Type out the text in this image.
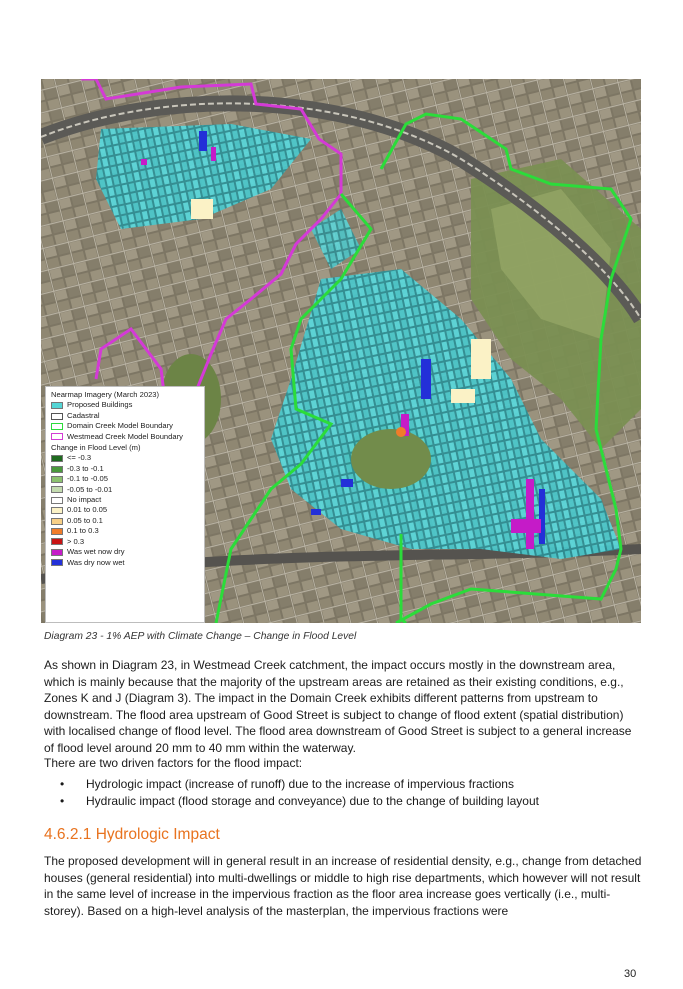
Nearmap Imagery (March 2023)
Proposed Buildings
Cadastral
Domain Creek Model Boundary
Westmead Creek Model Boundary
Change in Flood Level (m)
<= -0.3
-0.3 to -0.1
-0.1 to -0.05
-0.05 to -0.01
No impact
0.01 to 0.05
0.05 to 0.1
0.1 to 0.3
> 0.3
Was wet now dry
Was dry now wet
Diagram 23 - 1% AEP with Climate Change – Change in Flood Level
As shown in Diagram 23, in Westmead Creek catchment, the impact occurs mostly in the downstream area, which is mainly because that the majority of the upstream areas are retained as their existing conditions, e.g., Zones K and J (Diagram 3). The impact in the Domain Creek exhibits different patterns from upstream to downstream. The flood area upstream of Good Street is subject to change of flood extent (spatial distribution) with localised change of flood level. The flood area downstream of Good Street is subject to a general increase of flood level around 20 mm to 40 mm within the waterway.
There are two driven factors for the flood impact:
•	Hydrologic impact (increase of runoff) due to the increase of impervious fractions
•	Hydraulic impact (flood storage and conveyance) due to the change of building layout
4.6.2.1 Hydrologic Impact
The proposed development will in general result in an increase of residential density, e.g., change from detached houses (general residential) into multi-dwellings or middle to high rise departments, which however will not result in the same level of increase in the impervious fraction as the floor area increase goes vertically (i.e., multi-storey). Based on a high-level analysis of the masterplan, the impervious fractions were
30
